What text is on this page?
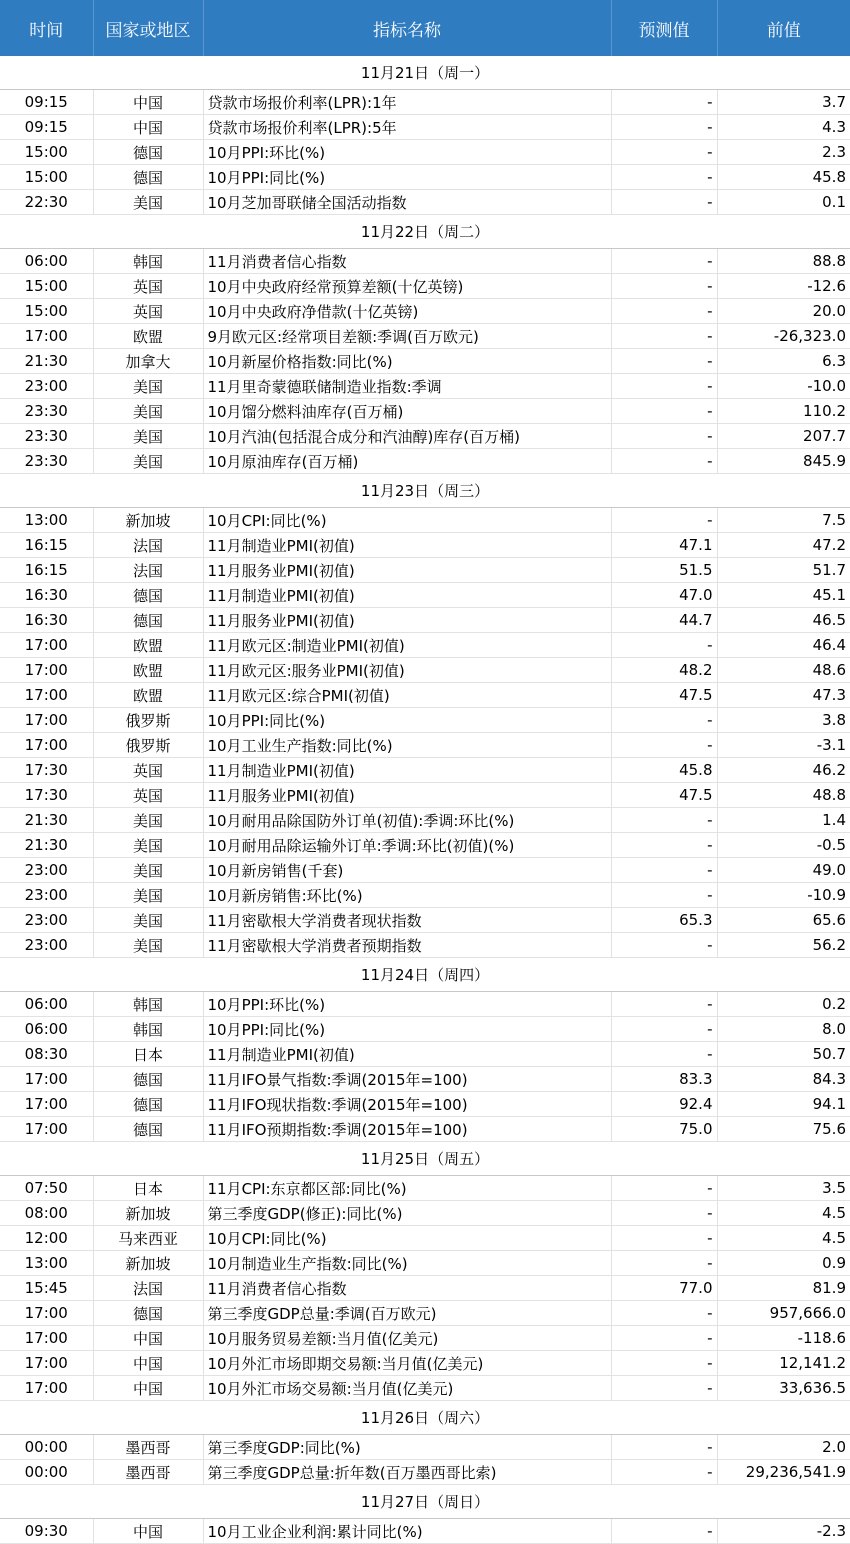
时间	国家或地区	指标名称	预测值	前值
11月21日（周一）				
09:15	中国	贷款市场报价利率(LPR):1年	-	3.7
09:15	中国	贷款市场报价利率(LPR):5年	-	4.3
15:00	德国	10月PPI:环比(%)	-	2.3
15:00	德国	10月PPI:同比(%)	-	45.8
22:30	美国	10月芝加哥联储全国活动指数	-	0.1
11月22日（周二）				
06:00	韩国	11月消费者信心指数	-	88.8
15:00	英国	10月中央政府经常预算差额(十亿英镑)	-	-12.6
15:00	英国	10月中央政府净借款(十亿英镑)	-	20.0
17:00	欧盟	9月欧元区:经常项目差额:季调(百万欧元)	-	-26,323.0
21:30	加拿大	10月新屋价格指数:同比(%)	-	6.3
23:00	美国	11月里奇蒙德联储制造业指数:季调	-	-10.0
23:30	美国	10月馏分燃料油库存(百万桶)	-	110.2
23:30	美国	10月汽油(包括混合成分和汽油醇)库存(百万桶)	-	207.7
23:30	美国	10月原油库存(百万桶)	-	845.9
11月23日（周三）				
13:00	新加坡	10月CPI:同比(%)	-	7.5
16:15	法国	11月制造业PMI(初值)	47.1	47.2
16:15	法国	11月服务业PMI(初值)	51.5	51.7
16:30	德国	11月制造业PMI(初值)	47.0	45.1
16:30	德国	11月服务业PMI(初值)	44.7	46.5
17:00	欧盟	11月欧元区:制造业PMI(初值)	-	46.4
17:00	欧盟	11月欧元区:服务业PMI(初值)	48.2	48.6
17:00	欧盟	11月欧元区:综合PMI(初值)	47.5	47.3
17:00	俄罗斯	10月PPI:同比(%)	-	3.8
17:00	俄罗斯	10月工业生产指数:同比(%)	-	-3.1
17:30	英国	11月制造业PMI(初值)	45.8	46.2
17:30	英国	11月服务业PMI(初值)	47.5	48.8
21:30	美国	10月耐用品除国防外订单(初值):季调:环比(%)	-	1.4
21:30	美国	10月耐用品除运输外订单:季调:环比(初值)(%)	-	-0.5
23:00	美国	10月新房销售(千套)	-	49.0
23:00	美国	10月新房销售:环比(%)	-	-10.9
23:00	美国	11月密歇根大学消费者现状指数	65.3	65.6
23:00	美国	11月密歇根大学消费者预期指数	-	56.2
11月24日（周四）				
06:00	韩国	10月PPI:环比(%)	-	0.2
06:00	韩国	10月PPI:同比(%)	-	8.0
08:30	日本	11月制造业PMI(初值)	-	50.7
17:00	德国	11月IFO景气指数:季调(2015年=100)	83.3	84.3
17:00	德国	11月IFO现状指数:季调(2015年=100)	92.4	94.1
17:00	德国	11月IFO预期指数:季调(2015年=100)	75.0	75.6
11月25日（周五）				
07:50	日本	11月CPI:东京都区部:同比(%)	-	3.5
08:00	新加坡	第三季度GDP(修正):同比(%)	-	4.5
12:00	马来西亚	10月CPI:同比(%)	-	4.5
13:00	新加坡	10月制造业生产指数:同比(%)	-	0.9
15:45	法国	11月消费者信心指数	77.0	81.9
17:00	德国	第三季度GDP总量:季调(百万欧元)	-	957,666.0
17:00	中国	10月服务贸易差额:当月值(亿美元)	-	-118.6
17:00	中国	10月外汇市场即期交易额:当月值(亿美元)	-	12,141.2
17:00	中国	10月外汇市场交易额:当月值(亿美元)	-	33,636.5
11月26日（周六）				
00:00	墨西哥	第三季度GDP:同比(%)	-	2.0
00:00	墨西哥	第三季度GDP总量:折年数(百万墨西哥比索)	-	29,236,541.9
11月27日（周日）				
09:30	中国	10月工业企业利润:累计同比(%)	-	-2.3
